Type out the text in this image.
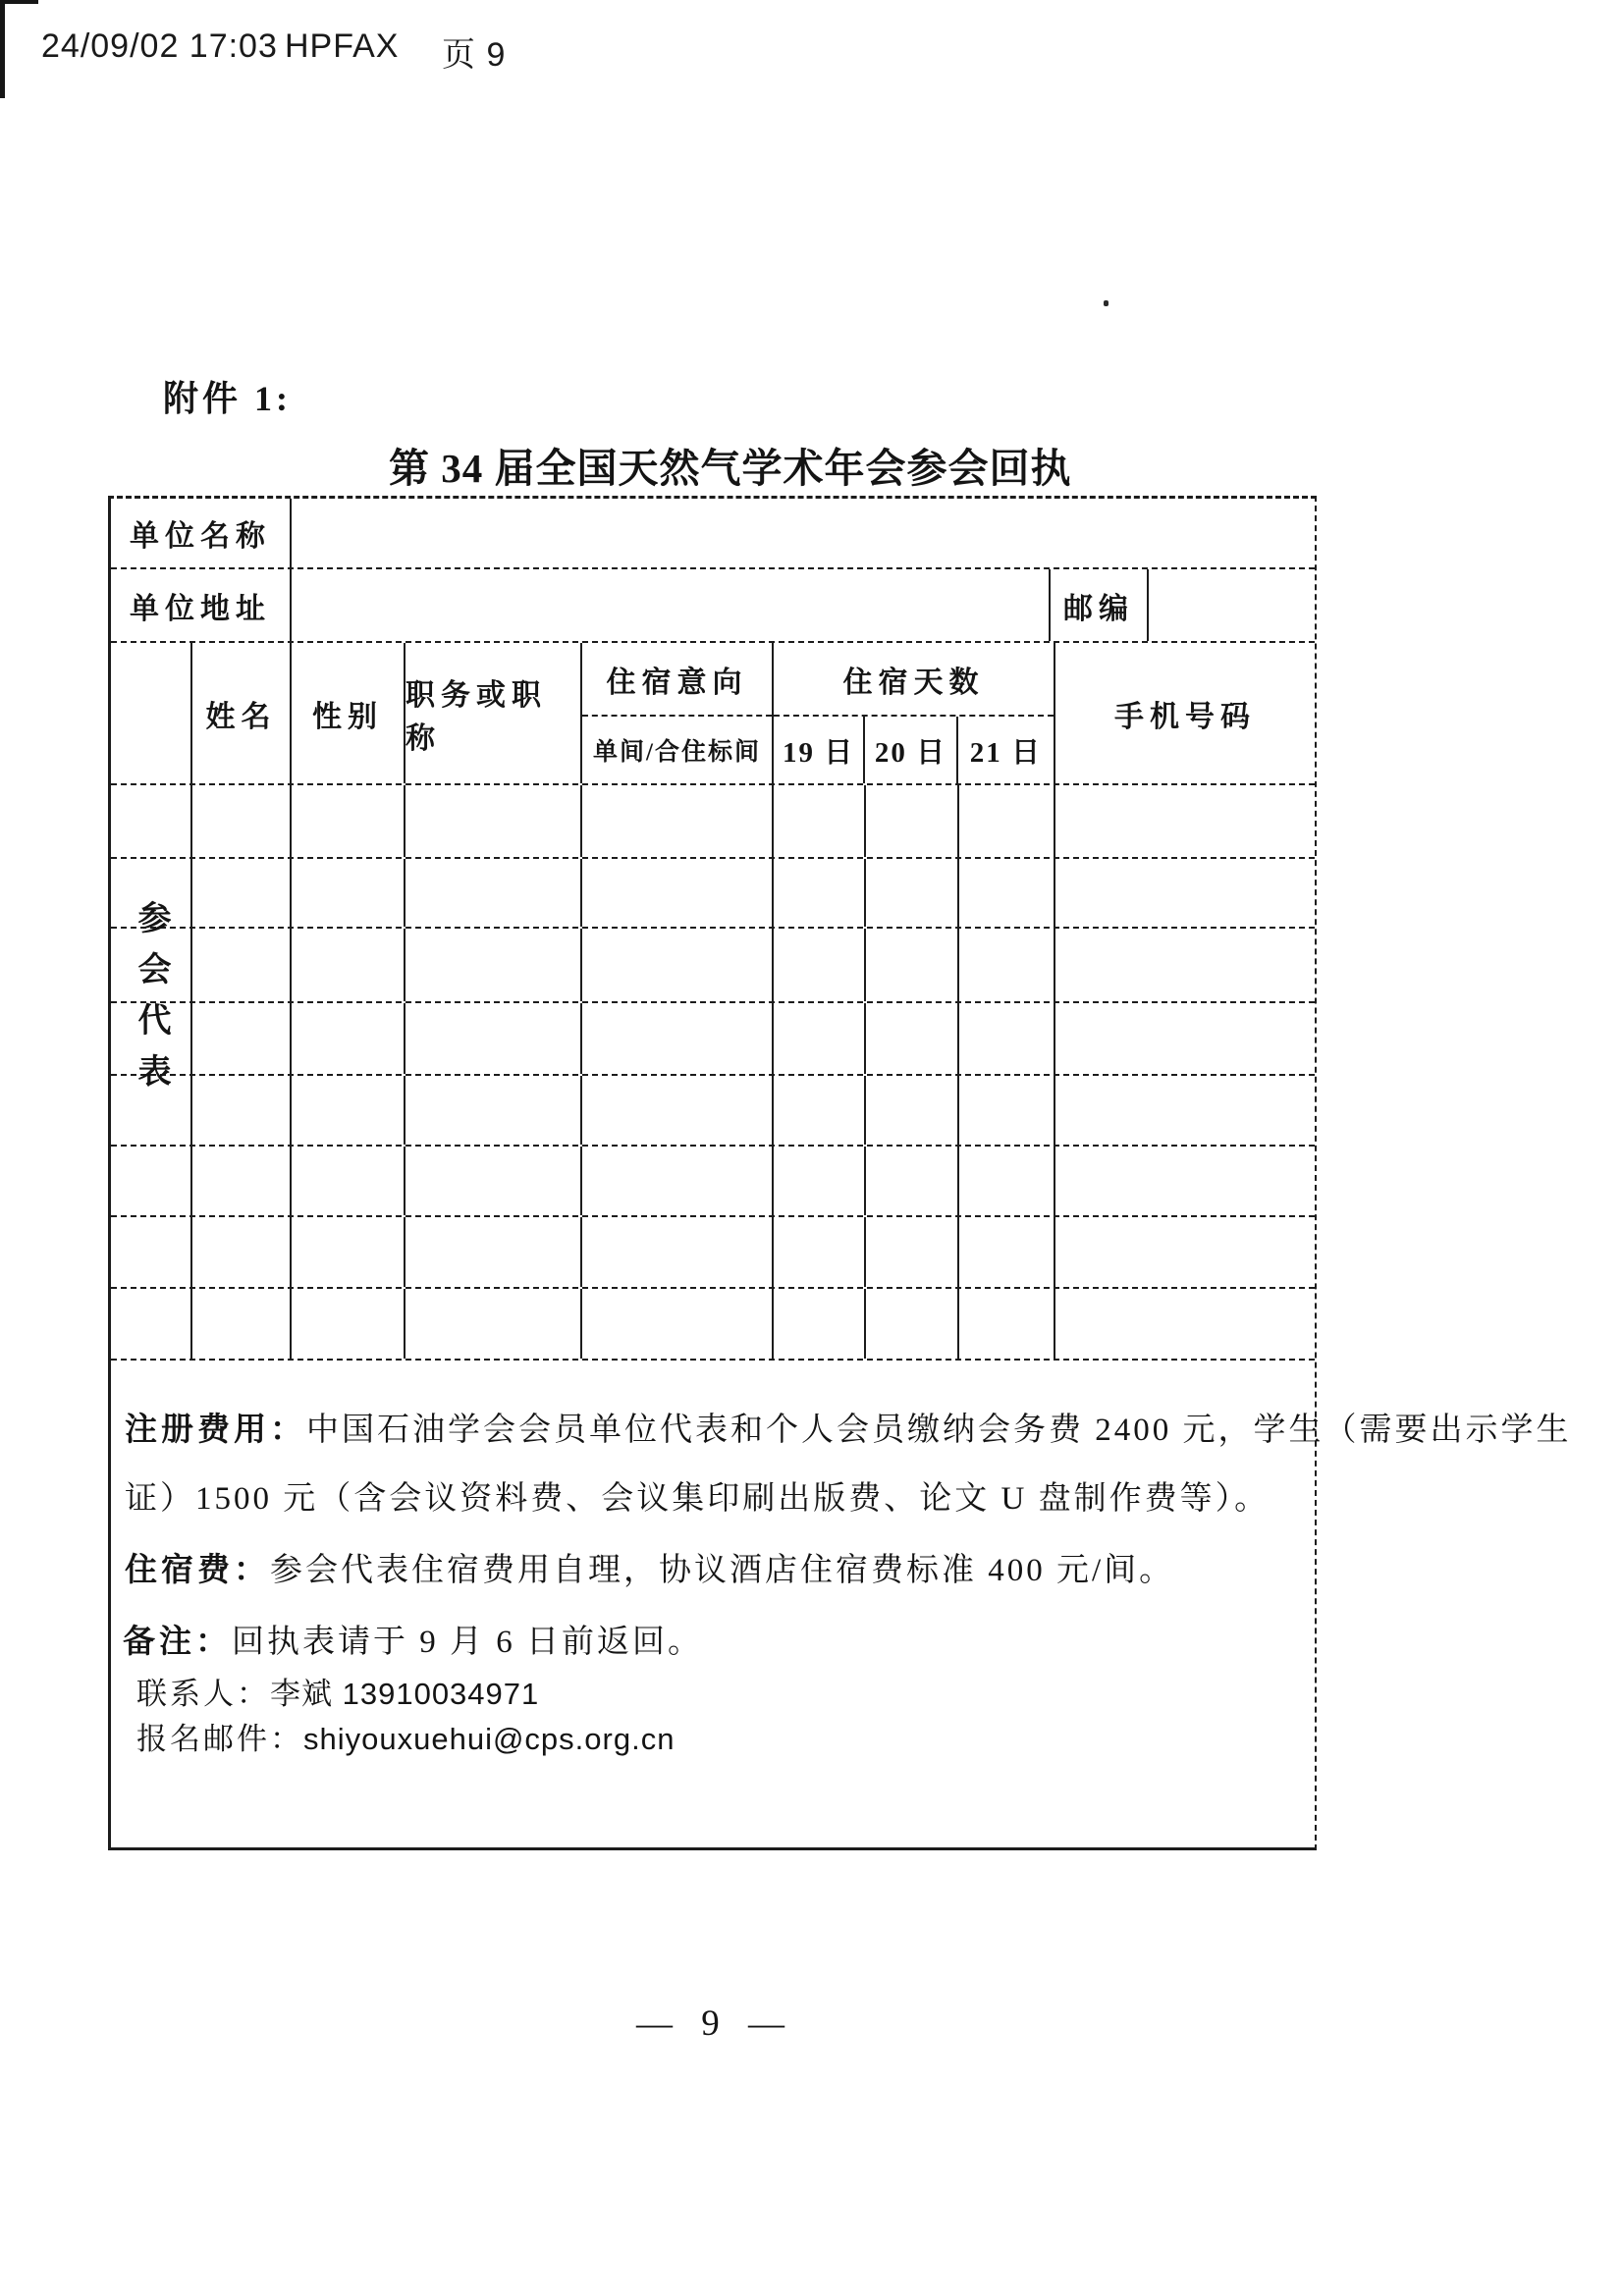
24/09/02 17:03 HPFAX 页 9
附件 1:
第 34 届全国天然气学术年会参会回执
单位名称
单位地址	邮编
姓名	性别
职务或职称
住宿意向
单间/合住标间
住宿天数
19 日 20 日 21 日
手机号码
参会代表
注册费用：中国石油学会会员单位代表和个人会员缴纳会务费 2400 元，学生（需要出示学生
证）1500 元（含会议资料费、会议集印刷出版费、论文 U 盘制作费等）。
住宿费：参会代表住宿费用自理，协议酒店住宿费标准 400 元/间。
备注：回执表请于 9 月 6 日前返回。
联系人：李斌 13910034971
报名邮件：shiyouxuehui@cps.org.cn
— 9 —
